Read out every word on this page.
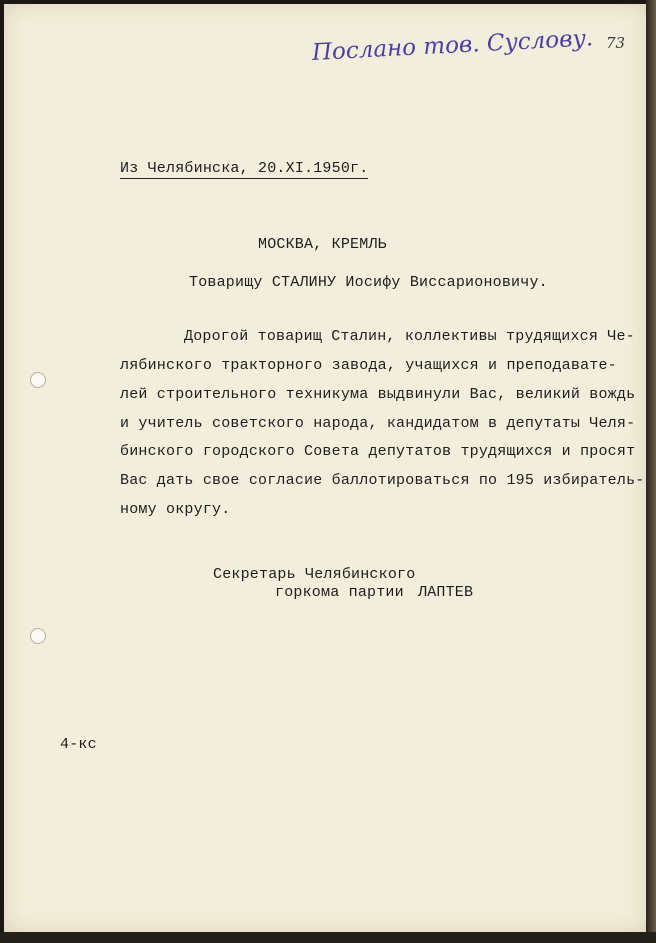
Послано тов. Суслову. 73
Из Челябинска, 20.XI.1950г.
МОСКВА, КРЕМЛЬ
Товарищу СТАЛИНУ Иосифу Виссарионовичу.
Дорогой товарищ Сталин, коллективы трудящихся Че-
лябинского тракторного завода, учащихся и преподавате-
лей строительного техникума выдвинули Вас, великий вождь
и учитель советского народа, кандидатом в депутаты Челя-
бинского городского Совета депутатов трудящихся и просят
Вас дать свое согласие баллотироваться по 195 избиратель-
ному округу.
Секретарь Челябинского
горкома партии ЛАПТЕВ
4-кс
